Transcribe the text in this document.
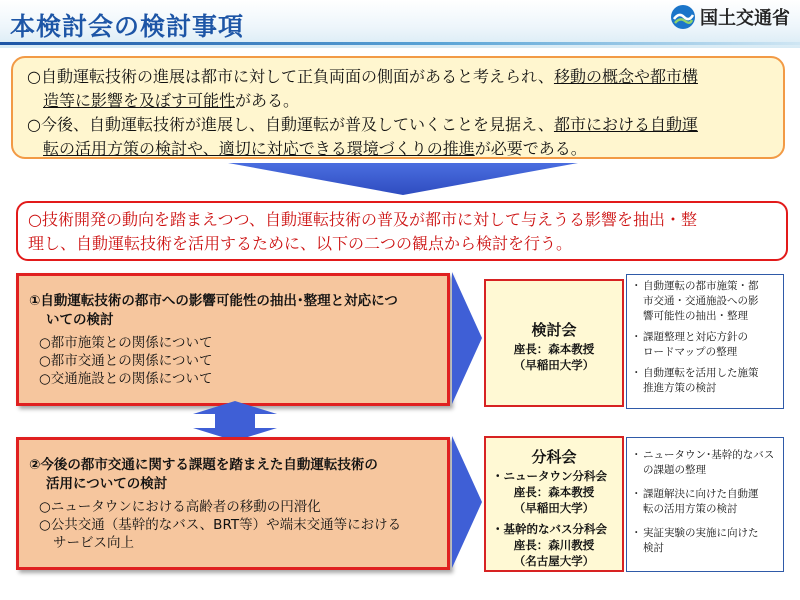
本検討会の検討事項	国土交通省
○自動運転技術の進展は都市に対して正負両面の側面があると考えられ、移動の概念や都市構
　造等に影響を及ぼす可能性がある。
○今後、自動運転技術が進展し、自動運転が普及していくことを見据え、都市における自動運
　転の活用方策の検討や、適切に対応できる環境づくりの推進が必要である。
○技術開発の動向を踏まえつつ、自動運転技術の普及が都市に対して与えうる影響を抽出・整
理し、自動運転技術を活用するために、以下の二つの観点から検討を行う。
①自動運転技術の都市への影響可能性の抽出･整理と対応につ
いての検討
○都市施策との関係について
○都市交通との関係について
○交通施設との関係について
②今後の都市交通に関する課題を踏まえた自動運転技術の
活用についての検討
○ニュータウンにおける高齢者の移動の円滑化
○公共交通（基幹的なバス、BRT等）や端末交通等における
サービス向上
検討会
座長：森本教授
（早稲田大学）
分科会
・ニュータウン分科会
座長：森本教授
（早稲田大学）
・基幹的なバス分科会
座長：森川教授
（名古屋大学）
・ 自動運転の都市施策・都
市交通・交通施設への影
響可能性の抽出・整理
・ 課題整理と対応方針の
ロードマップの整理
・ 自動運転を活用した施策
推進方策の検討
・ ニュータウン･基幹的なバス
の課題の整理
・ 課題解決に向けた自動運
転の活用方策の検討
・ 実証実験の実施に向けた
検討
